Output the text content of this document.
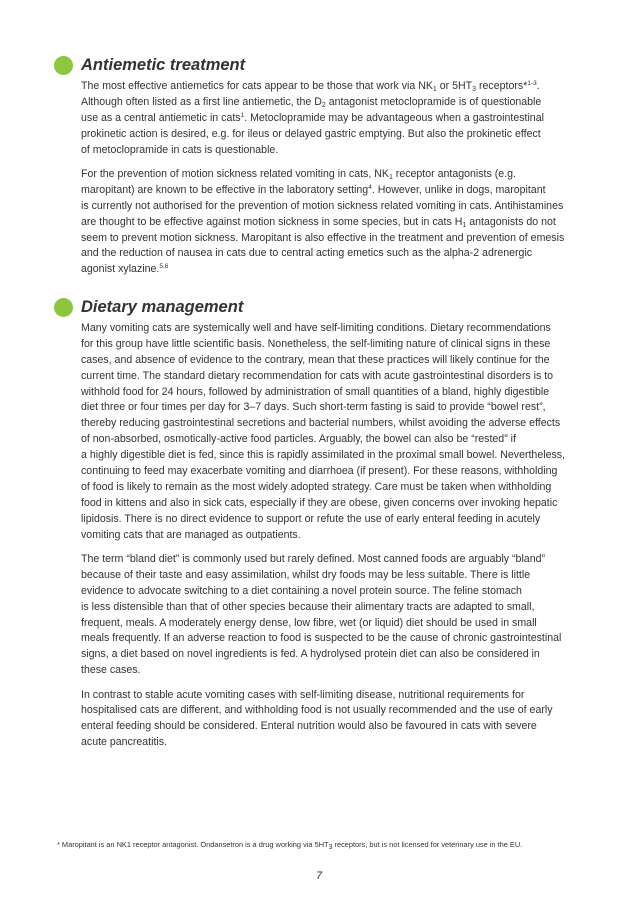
Antiemetic treatment
The most effective antiemetics for cats appear to be those that work via $NK_1$ or $5HT_3$ receptors*$^{1-3}$.
Although often listed as a first line antiemetic, the $D_2$ antagonist metoclopramide is of questionable
use as a central antiemetic in cats$^1$. Metoclopramide may be advantageous when a gastrointestinal
prokinetic action is desired, e.g. for ileus or delayed gastric emptying. But also the prokinetic effect
of metoclopramide in cats is questionable.
For the prevention of motion sickness related vomiting in cats, $NK_1$ receptor antagonists (e.g.
maropitant) are known to be effective in the laboratory setting$^4$. However, unlike in dogs, maropitant
is currently not authorised for the prevention of motion sickness related vomiting in cats. Antihistamines
are thought to be effective against motion sickness in some species, but in cats $H_1$ antagonists do not
seem to prevent motion sickness. Maropitant is also effective in the treatment and prevention of emesis
and the reduction of nausea in cats due to central acting emetics such as the alpha-2 adrenergic
agonist xylazine.$^{5,6}$
Dietary management
Many vomiting cats are systemically well and have self-limiting conditions. Dietary recommendations
for this group have little scientific basis. Nonetheless, the self-limiting nature of clinical signs in these
cases, and absence of evidence to the contrary, mean that these practices will likely continue for the
current time. The standard dietary recommendation for cats with acute gastrointestinal disorders is to
withhold food for 24 hours, followed by administration of small quantities of a bland, highly digestible
diet three or four times per day for 3–7 days. Such short-term fasting is said to provide “bowel rest”,
thereby reducing gastrointestinal secretions and bacterial numbers, whilst avoiding the adverse effects
of non-absorbed, osmotically-active food particles. Arguably, the bowel can also be “rested” if
a highly digestible diet is fed, since this is rapidly assimilated in the proximal small bowel. Nevertheless,
continuing to feed may exacerbate vomiting and diarrhoea (if present). For these reasons, withholding
of food is likely to remain as the most widely adopted strategy. Care must be taken when withholding
food in kittens and also in sick cats, especially if they are obese, given concerns over invoking hepatic
lipidosis. There is no direct evidence to support or refute the use of early enteral feeding in acutely
vomiting cats that are managed as outpatients.
The term “bland diet” is commonly used but rarely defined. Most canned foods are arguably “bland”
because of their taste and easy assimilation, whilst dry foods may be less suitable. There is little
evidence to advocate switching to a diet containing a novel protein source. The feline stomach
is less distensible than that of other species because their alimentary tracts are adapted to small,
frequent, meals. A moderately energy dense, low fibre, wet (or liquid) diet should be used in small
meals frequently. If an adverse reaction to food is suspected to be the cause of chronic gastrointestinal
signs, a diet based on novel ingredients is fed. A hydrolysed protein diet can also be considered in
these cases.
In contrast to stable acute vomiting cases with self-limiting disease, nutritional requirements for
hospitalised cats are different, and withholding food is not usually recommended and the use of early
enteral feeding should be considered. Enteral nutrition would also be favoured in cats with severe
acute pancreatitis.
* Maropitant is an NK1 receptor antagonist. Ondansetron is a drug working via $5HT_3$ receptors, but is not licensed for veterinary use in the EU.
7
